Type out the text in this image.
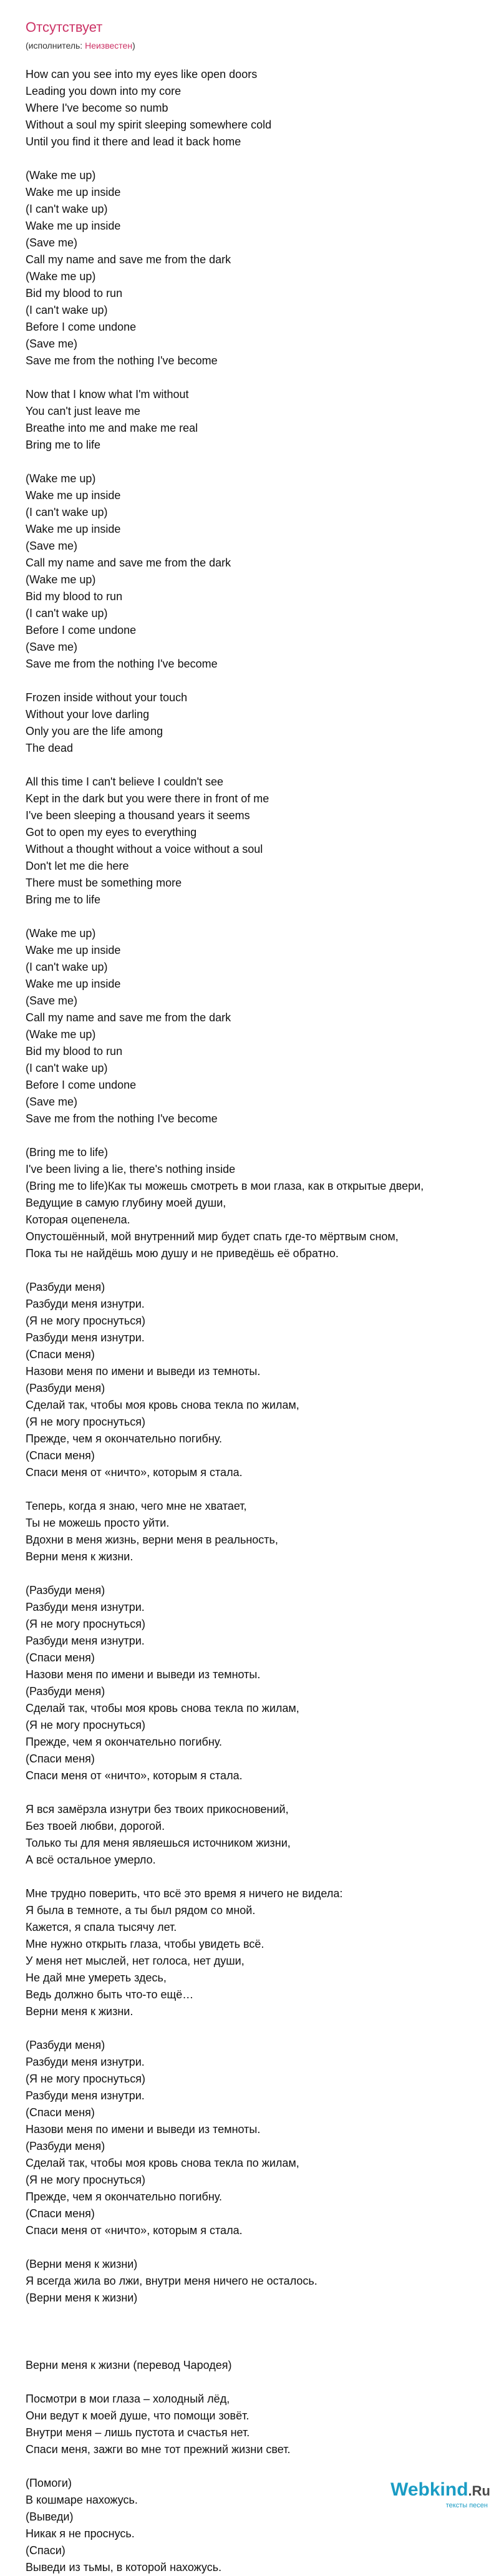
Отсутствует
(исполнитель: Неизвестен)
How can you see into my eyes like open doors
Leading you down into my core
Where I've become so numb
Without a soul my spirit sleeping somewhere cold
Until you find it there and lead it back home

(Wake me up)
Wake me up inside
(I can't wake up)
Wake me up inside
(Save me)
Call my name and save me from the dark
(Wake me up)
Bid my blood to run
(I can't wake up)
Before I come undone
(Save me)
Save me from the nothing I've become

Now that I know what I'm without
You can't just leave me
Breathe into me and make me real
Bring me to life

(Wake me up)
Wake me up inside
(I can't wake up)
Wake me up inside
(Save me)
Call my name and save me from the dark
(Wake me up)
Bid my blood to run
(I can't wake up)
Before I come undone
(Save me)
Save me from the nothing I've become

Frozen inside without your touch
Without your love darling
Only you are the life among
The dead

All this time I can't believe I couldn't see
Kept in the dark but you were there in front of me
I've been sleeping a thousand years it seems
Got to open my eyes to everything
Without a thought without a voice without a soul
Don't let me die here
There must be something more
Bring me to life

(Wake me up)
Wake me up inside
(I can't wake up)
Wake me up inside
(Save me)
Call my name and save me from the dark
(Wake me up)
Bid my blood to run
(I can't wake up)
Before I come undone
(Save me)
Save me from the nothing I've become

(Bring me to life)
I've been living a lie, there's nothing inside
(Bring me to life)Как ты можешь смотреть в мои глаза, как в открытые двери,
Ведущие в самую глубину моей души,
Которая оцепенела.
Опустошённый, мой внутренний мир будет спать где-то мёртвым сном,
Пока ты не найдёшь мою душу и не приведёшь её обратно.

(Разбуди меня)
Разбуди меня изнутри.
(Я не могу проснуться)
Разбуди меня изнутри.
(Спаси меня)
Назови меня по имени и выведи из темноты.
(Разбуди меня)
Сделай так, чтобы моя кровь снова текла по жилам,
(Я не могу проснуться)
Прежде, чем я окончательно погибну.
(Спаси меня)
Спаси меня от «ничто», которым я стала.

Теперь, когда я знаю, чего мне не хватает,
Ты не можешь просто уйти.
Вдохни в меня жизнь, верни меня в реальность,
Верни меня к жизни.

(Разбуди меня)
Разбуди меня изнутри.
(Я не могу проснуться)
Разбуди меня изнутри.
(Спаси меня)
Назови меня по имени и выведи из темноты.
(Разбуди меня)
Сделай так, чтобы моя кровь снова текла по жилам,
(Я не могу проснуться)
Прежде, чем я окончательно погибну.
(Спаси меня)
Спаси меня от «ничто», которым я стала.

Я вся замёрзла изнутри без твоих прикосновений,
Без твоей любви, дорогой.
Только ты для меня являешься источником жизни,
А всё остальное умерло.

Мне трудно поверить, что всё это время я ничего не видела:
Я была в темноте, а ты был рядом со мной.
Кажется, я спала тысячу лет.
Мне нужно открыть глаза, чтобы увидеть всё.
У меня нет мыслей, нет голоса, нет души,
Не дай мне умереть здесь,
Ведь должно быть что-то ещё…
Верни меня к жизни.

(Разбуди меня)
Разбуди меня изнутри.
(Я не могу проснуться)
Разбуди меня изнутри.
(Спаси меня)
Назови меня по имени и выведи из темноты.
(Разбуди меня)
Сделай так, чтобы моя кровь снова текла по жилам,
(Я не могу проснуться)
Прежде, чем я окончательно погибну.
(Спаси меня)
Спаси меня от «ничто», которым я стала.

(Верни меня к жизни)
Я всегда жила во лжи, внутри меня ничего не осталось.
(Верни меня к жизни)

Верни меня к жизни (перевод Чародея)

Посмотри в мои глаза – холодный лёд,
Они ведут к моей душе, что помощи зовёт.
Внутри меня – лишь пустота и счастья нет.
Спаси меня, зажги во мне тот прежний жизни свет.

(Помоги)
В кошмаре нахожусь.
(Выведи)
Никак я не проснусь.
(Спаси)
Выведи из тьмы, в которой нахожусь.
Webkind.Ru
тексты песен
